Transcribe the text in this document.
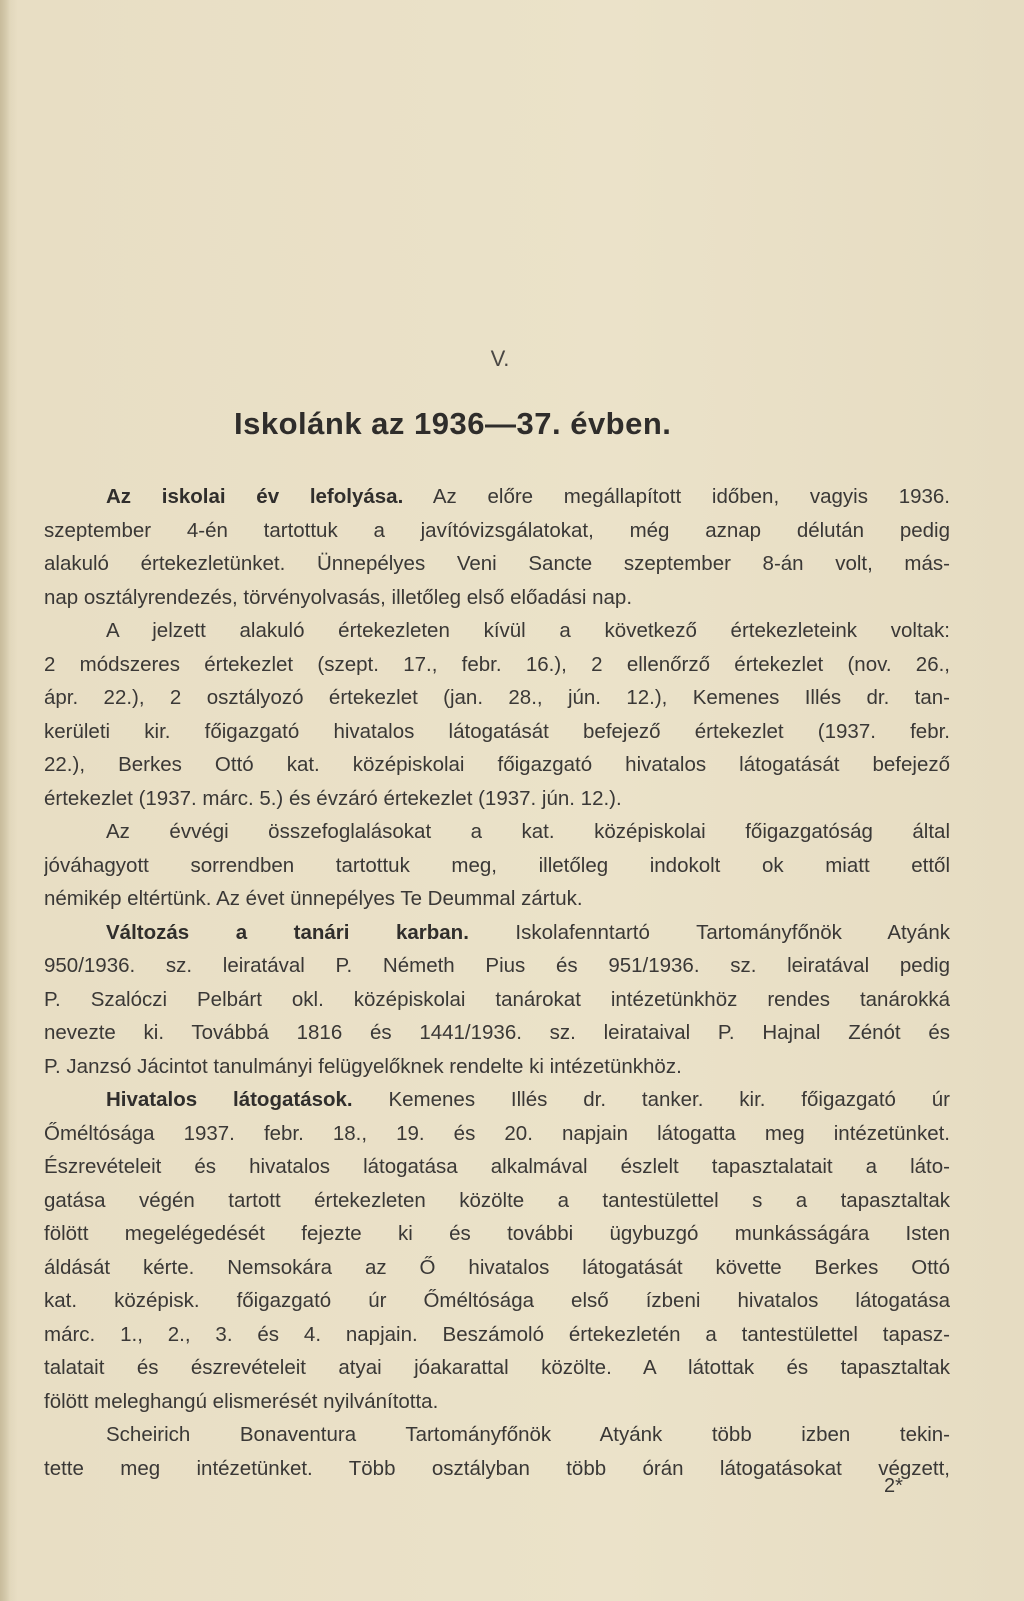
V.
Iskolánk az 1936—37. évben.
Az iskolai év lefolyása. Az előre megállapított időben, vagyis 1936.
szeptember 4-én tartottuk a javítóvizsgálatokat, még aznap délután pedig
alakuló értekezletünket. Ünnepélyes Veni Sancte szeptember 8-án volt, más-
nap osztályrendezés, törvényolvasás, illetőleg első előadási nap.
A jelzett alakuló értekezleten kívül a következő értekezleteink voltak:
2 módszeres értekezlet (szept. 17., febr. 16.), 2 ellenőrző értekezlet (nov. 26.,
ápr. 22.), 2 osztályozó értekezlet (jan. 28., jún. 12.), Kemenes Illés dr. tan-
kerületi kir. főigazgató hivatalos látogatását befejező értekezlet (1937. febr.
22.), Berkes Ottó kat. középiskolai főigazgató hivatalos látogatását befejező
értekezlet (1937. márc. 5.) és évzáró értekezlet (1937. jún. 12.).
Az évvégi összefoglalásokat a kat. középiskolai főigazgatóság által
jóváhagyott sorrendben tartottuk meg, illetőleg indokolt ok miatt ettől
némikép eltértünk. Az évet ünnepélyes Te Deummal zártuk.
Változás a tanári karban. Iskolafenntartó Tartományfőnök Atyánk
950/1936. sz. leiratával P. Németh Pius és 951/1936. sz. leiratával pedig
P. Szalóczi Pelbárt okl. középiskolai tanárokat intézetünkhöz rendes tanárokká
nevezte ki. Továbbá 1816 és 1441/1936. sz. leirataival P. Hajnal Zénót és
P. Janzsó Jácintot tanulmányi felügyelőknek rendelte ki intézetünkhöz.
Hivatalos látogatások. Kemenes Illés dr. tanker. kir. főigazgató úr
Őméltósága 1937. febr. 18., 19. és 20. napjain látogatta meg intézetünket.
Észrevételeit és hivatalos látogatása alkalmával észlelt tapasztalatait a láto-
gatása végén tartott értekezleten közölte a tantestülettel s a tapasztaltak
fölött megelégedését fejezte ki és további ügybuzgó munkásságára Isten
áldását kérte. Nemsokára az Ő hivatalos látogatását követte Berkes Ottó
kat. középisk. főigazgató úr Őméltósága első ízbeni hivatalos látogatása
márc. 1., 2., 3. és 4. napjain. Beszámoló értekezletén a tantestülettel tapasz-
talatait és észrevételeit atyai jóakarattal közölte. A látottak és tapasztaltak
fölött meleghangú elismerését nyilvánította.
Scheirich Bonaventura Tartományfőnök Atyánk több izben tekin-
tette meg intézetünket. Több osztályban több órán látogatásokat végzett,
2*
